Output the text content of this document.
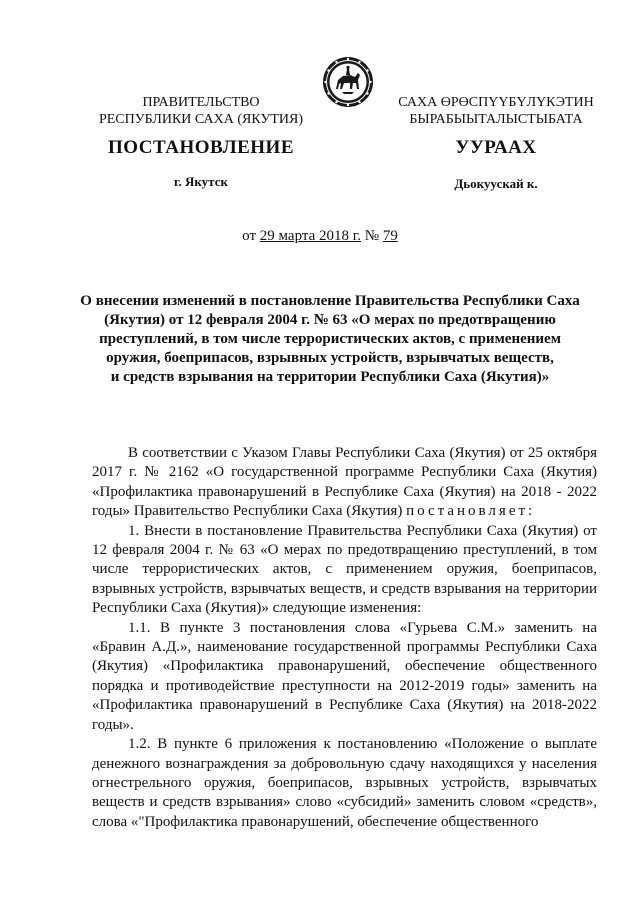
ПРАВИТЕЛЬСТВО
РЕСПУБЛИКИ САХА (ЯКУТИЯ)
САХА ӨРӨСПҮҮБҮЛҮКЭТИН
БЫРАБЫЫТАЛЫСТЫБАТА
ПОСТАНОВЛЕНИЕ	УУРААХ
г. Якутск	Дьокуускай к.
от 29 марта 2018 г. № 79
О внесении изменений в постановление Правительства Республики Саха
(Якутия) от 12 февраля 2004 г. № 63 «О мерах по предотвращению
преступлений, в том числе террористических актов, с применением
оружия, боеприпасов, взрывных устройств, взрывчатых веществ,
и средств взрывания на территории Республики Саха (Якутия)»

В соответствии с Указом Главы Республики Саха (Якутия) от 25 октября 2017 г. № 2162 «О государственной программе Республики Саха (Якутия) «Профилактика правонарушений в Республике Саха (Якутия) на 2018 - 2022 годы» Правительство Республики Саха (Якутия) постановляет:

1. Внести в постановление Правительства Республики Саха (Якутия) от 12 февраля 2004 г. № 63 «О мерах по предотвращению преступлений, в том числе террористических актов, с применением оружия, боеприпасов, взрывных устройств, взрывчатых веществ, и средств взрывания на территории Республики Саха (Якутия)» следующие изменения:

1.1. В пункте 3 постановления слова «Гурьева С.М.» заменить на «Бравин А.Д.», наименование государственной программы Республики Саха (Якутия) «Профилактика правонарушений, обеспечение общественного порядка и противодействие преступности на 2012-2019 годы» заменить на «Профилактика правонарушений в Республике Саха (Якутия) на 2018-2022 годы».

1.2. В пункте 6 приложения к постановлению «Положение о выплате денежного вознаграждения за добровольную сдачу находящихся у населения огнестрельного оружия, боеприпасов, взрывных устройств, взрывчатых веществ и средств взрывания» слово «субсидий» заменить словом «средств», слова «"Профилактика правонарушений, обеспечение общественного
